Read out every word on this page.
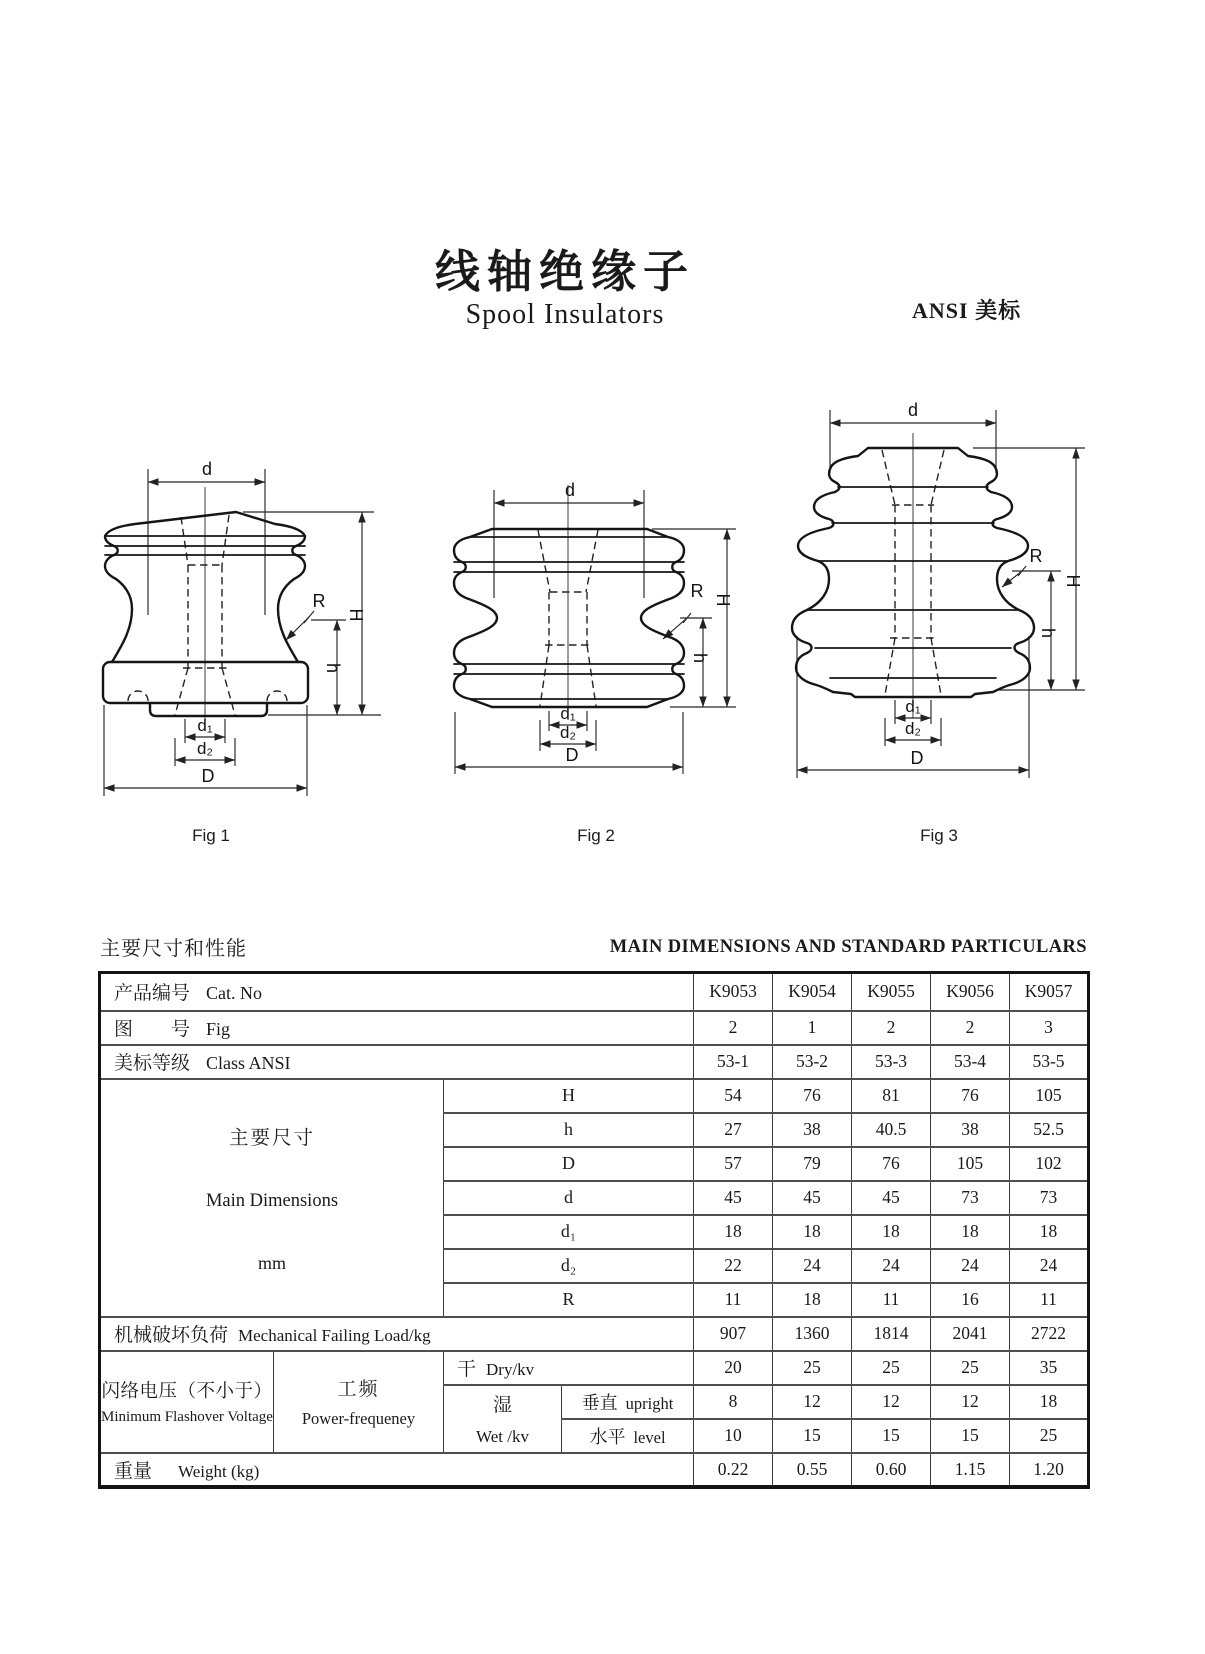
线轴绝缘子
Spool Insulators	ANSI 美标
d
H
h
R
d₁
d₂
D
d
H
h
R
d₁
d₂
D
d
H
h
R
d₁
d₂
D
Fig 1	Fig 2	Fig 3
主要尺寸和性能	MAIN DIMENSIONS AND STANDARD PARTICULARS
产品编号 Cat. No				K9053	K9054	K9055	K9056	K9057
图　　号 Fig				2	1	2	2	3
美标等级 Class ANSI				53-1	53-2	53-3	53-4	53-5

主要尺寸
Main Dimensions
mm		H		54	76	81	76	105
		h		27	38	40.5	38	52.5
		D		57	79	76	105	102
		d		45	45	45	73	73
		d₁		18	18	18	18	18
		d₂		22	24	24	24	24
		R		11	18	11	16	11
机械破坏负荷 Mechanical Failing Load/kg				907	1360	1814	2041	2722

闪络电压（不小于）
Minimum Flashover Voltage	工频
Power-frequeney	干 Dry/kv		20	25	25	25	35

		湿
Wet /kv	垂直 upright	8	12	12	12	18
			水平 level	10	15	15	15	25
重量 Weight (kg)				0.22	0.55	0.60	1.15	1.20
